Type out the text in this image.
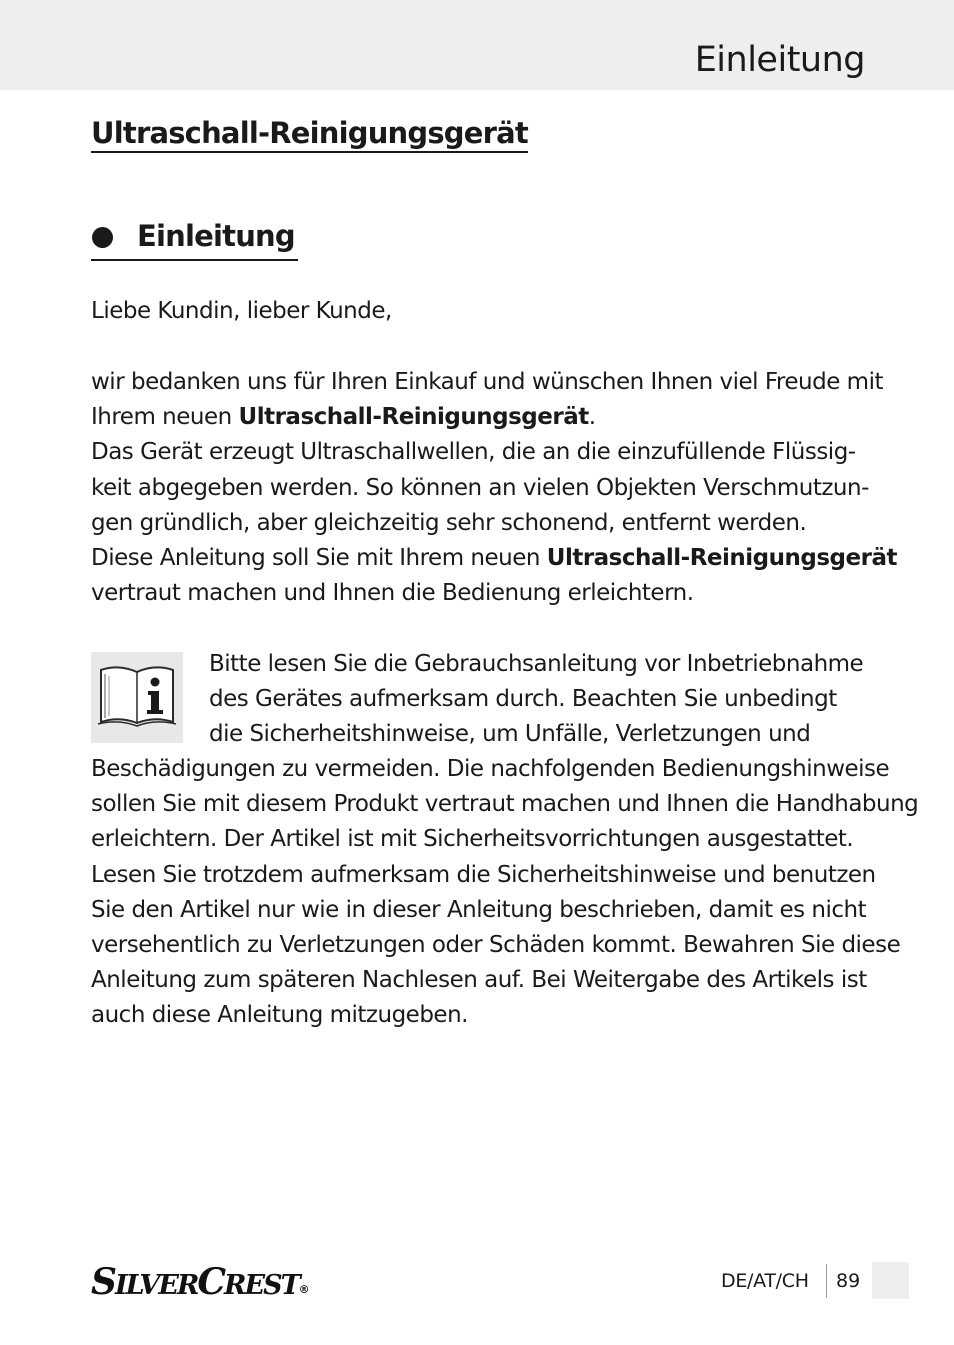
Einleitung
Ultraschall-Reinigungsgerät
Einleitung
Liebe Kundin, lieber Kunde,
wir bedanken uns für Ihren Einkauf und wünschen Ihnen viel Freude mit
Ihrem neuen Ultraschall-Reinigungsgerät.
Das Gerät erzeugt Ultraschallwellen, die an die einzufüllende Flüssig-
keit abgegeben werden. So können an vielen Objekten Verschmutzun-
gen gründlich, aber gleichzeitig sehr schonend, entfernt werden.
Diese Anleitung soll Sie mit Ihrem neuen Ultraschall-Reinigungsgerät
vertraut machen und Ihnen die Bedienung erleichtern.
Bitte lesen Sie die Gebrauchsanleitung vor Inbetriebnahme
des Gerätes aufmerksam durch. Beachten Sie unbedingt
die Sicherheitshinweise, um Unfälle, Verletzungen und
Beschädigungen zu vermeiden. Die nachfolgenden Bedienungshinweise
sollen Sie mit diesem Produkt vertraut machen und Ihnen die Handhabung
erleichtern. Der Artikel ist mit Sicherheitsvorrichtungen ausgestattet.
Lesen Sie trotzdem aufmerksam die Sicherheitshinweise und benutzen
Sie den Artikel nur wie in dieser Anleitung beschrieben, damit es nicht
versehentlich zu Verletzungen oder Schäden kommt. Bewahren Sie diese
Anleitung zum späteren Nachlesen auf. Bei Weitergabe des Artikels ist
auch diese Anleitung mitzugeben.
SILVERCREST®	DE/AT/CH 89
